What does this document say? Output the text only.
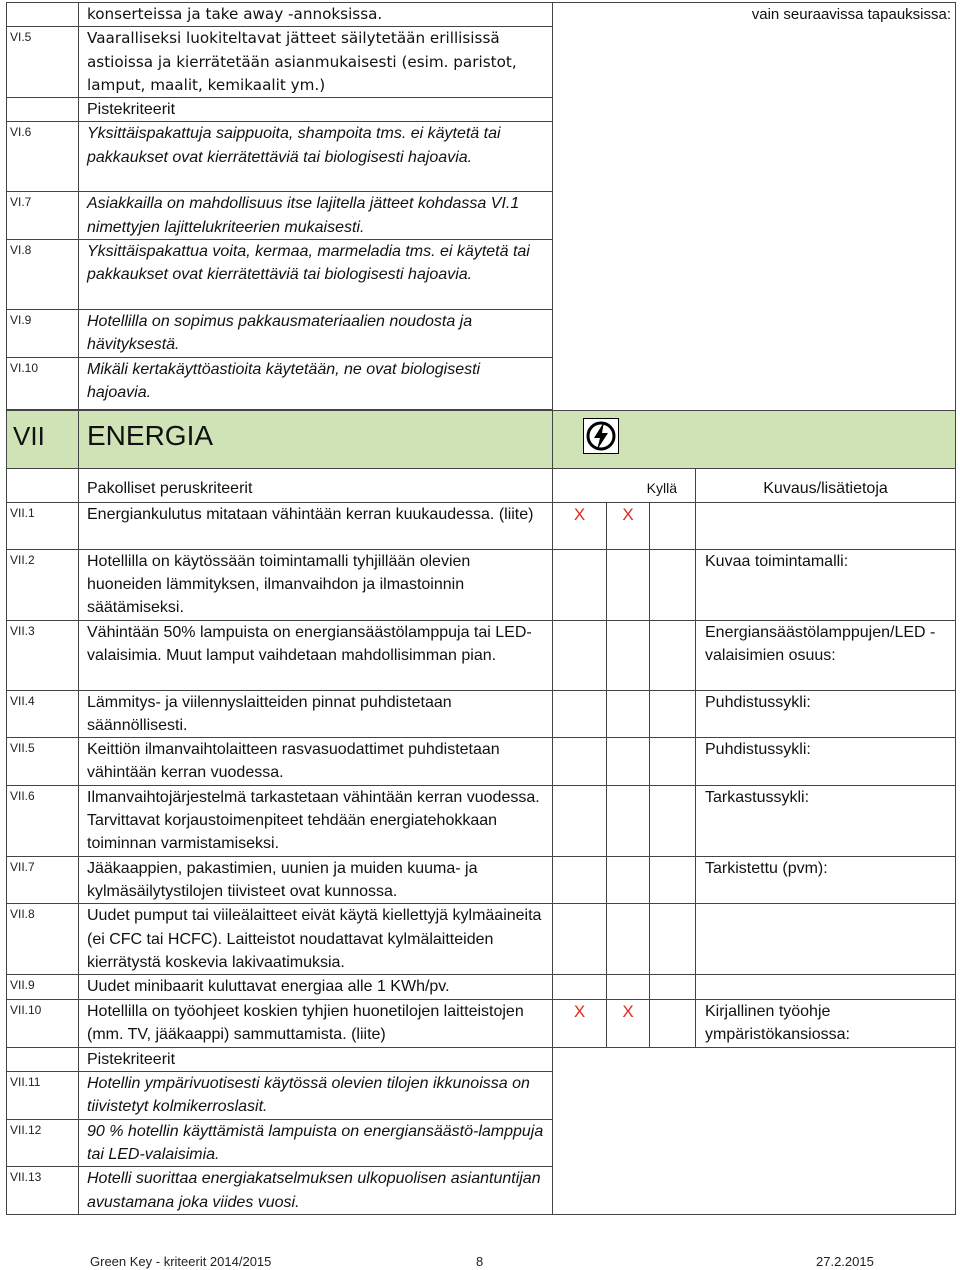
	konserteissa ja take away -annoksissa.	vain seuraavissa tapauksissa:			

VI.5	Vaaralliseksi luokiteltavat jätteet säilytetään erillisissä astioissa ja kierrätetään asianmukaisesti (esim. paristot, lamput, maalit, kemikaalit ym.)				

	Pistekriteerit				

VI.6	Yksittäispakattuja saippuoita, shampoita tms. ei käytetä tai pakkaukset ovat kierrätettäviä tai biologisesti hajoavia.				

VI.7	Asiakkailla on mahdollisuus itse lajitella jätteet kohdassa VI.1 nimettyjen lajittelukriteerien mukaisesti.				

VI.8	Yksittäispakattua voita, kermaa, marmeladia tms. ei käytetä tai pakkaukset ovat kierrätettäviä tai biologisesti hajoavia.				

VI.9	Hotellilla on sopimus pakkausmateriaalien noudosta ja hävityksestä.				

VI.10	Mikäli kertakäyttöastioita käytetään, ne ovat biologisesti hajoavia.				

VII	ENERGIA

	Pakolliset peruskriteerit	Kyllä			Kuvaus/lisätietoja

VII.1	Energiankulutus mitataan vähintään kerran kuukaudessa. (liite)	X	X		

VII.2	Hotellilla on käytössään toimintamalli tyhjillään olevien huoneiden lämmityksen, ilmanvaihdon ja ilmastoinnin säätämiseksi.				Kuvaa toimintamalli:

VII.3	Vähintään 50% lampuista on energiansäästölamppuja tai LED-valaisimia. Muut lamput vaihdetaan mahdollisimman pian.				Energiansäästölamppujen/LED -valaisimien osuus:

VII.4	Lämmitys- ja viilennyslaitteiden pinnat puhdistetaan säännöllisesti.				Puhdistussykli:

VII.5	Keittiön ilmanvaihtolaitteen rasvasuodattimet puhdistetaan vähintään kerran vuodessa.				Puhdistussykli:

VII.6	Ilmanvaihtojärjestelmä tarkastetaan vähintään kerran vuodessa. Tarvittavat korjaustoimenpiteet tehdään energiatehokkaan toiminnan varmistamiseksi.				Tarkastussykli:

VII.7	Jääkaappien, pakastimien, uunien ja muiden kuuma- ja kylmäsäilytystilojen tiivisteet ovat kunnossa.				Tarkistettu (pvm):

VII.8	Uudet pumput tai viileälaitteet eivät käytä kiellettyjä kylmäaineita (ei CFC tai HCFC). Laitteistot noudattavat kylmälaitteiden kierrätystä koskevia lakivaatimuksia.				

VII.9	Uudet minibaarit kuluttavat energiaa alle 1 KWh/pv.				

VII.10	Hotellilla on työohjeet koskien tyhjien huonetilojen laitteistojen (mm. TV, jääkaappi) sammuttamista. (liite)	X	X		Kirjallinen työohje ympäristökansiossa:

	Pistekriteerit				

VII.11	Hotellin ympärivuotisesti käytössä olevien tilojen ikkunoissa on tiivistetyt kolmikerroslasit.				

VII.12	90 % hotellin käyttämistä lampuista on energiansäästö-lamppuja tai LED-valaisimia.				

VII.13	Hotelli suorittaa energiakatselmuksen ulkopuolisen asiantuntijan avustamana joka viides vuosi.				
Green Key - kriteerit 2014/2015	8	27.2.2015
